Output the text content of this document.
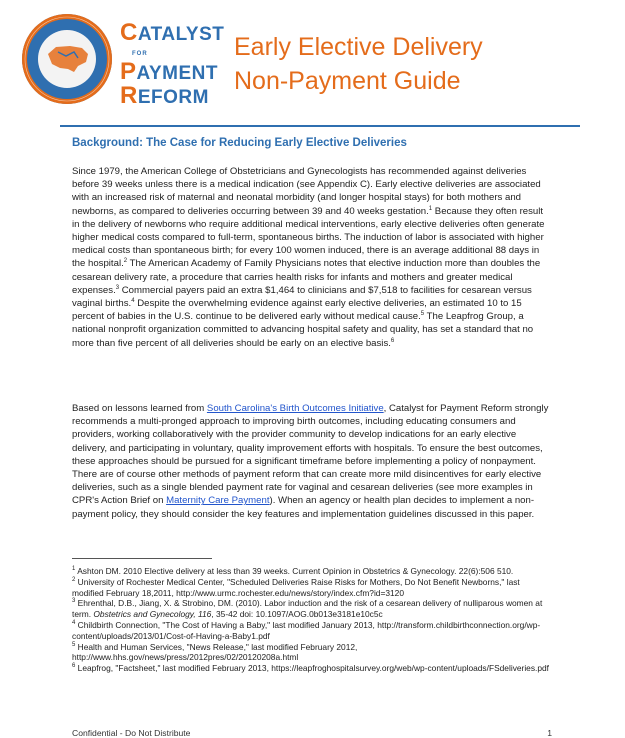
CATALYST
FOR
PAYMENT
REFORM
Early Elective Delivery
Non-Payment Guide
Background: The Case for Reducing Early Elective Deliveries
Since 1979, the American College of Obstetricians and Gynecologists has recommended against deliveries before 39 weeks unless there is a medical indication (see Appendix C). Early elective deliveries are associated with an increased risk of maternal and neonatal morbidity (and longer hospital stays) for both mothers and newborns, as compared to deliveries occurring between 39 and 40 weeks gestation.$^1$ Because they often result in the delivery of newborns who require additional medical interventions, early elective deliveries often generate higher medical costs compared to full-term, spontaneous births. The induction of labor is associated with higher medical costs than spontaneous birth; for every 100 women induced, there is an average additional 88 days in the hospital.$^2$ The American Academy of Family Physicians notes that elective induction more than doubles the cesarean delivery rate, a procedure that carries health risks for infants and mothers and greater medical expenses.$^3$ Commercial payers paid an extra $1,464 to clinicians and $7,518 to facilities for cesarean versus vaginal births.$^4$ Despite the overwhelming evidence against early elective deliveries, an estimated 10 to 15 percent of babies in the U.S. continue to be delivered early without medical cause.$^5$ The Leapfrog Group, a national nonprofit organization committed to advancing hospital safety and quality, has set a standard that no more than five percent of all deliveries should be early on an elective basis.$^6$
Based on lessons learned from South Carolina's Birth Outcomes Initiative, Catalyst for Payment Reform strongly recommends a multi-pronged approach to improving birth outcomes, including educating consumers and providers, working collaboratively with the provider community to develop indications for an early elective delivery, and participating in voluntary, quality improvement efforts with hospitals. To ensure the best outcomes, these approaches should be pursued for a significant timeframe before implementing a policy of nonpayment. There are of course other methods of payment reform that can create more mild disincentives for early elective deliveries, such as a single blended payment rate for vaginal and cesarean deliveries (see more examples in CPR's Action Brief on Maternity Care Payment). When an agency or health plan decides to implement a non-payment policy, they should consider the key features and implementation guidelines discussed in this paper.

$^1$ Ashton DM. 2010 Elective delivery at less than 39 weeks. Current Opinion in Obstetrics & Gynecology. 22(6):506 510.

$^2$ University of Rochester Medical Center, "Scheduled Deliveries Raise Risks for Mothers, Do Not Benefit Newborns," last modified February 18,2011, http://www.urmc.rochester.edu/news/story/index.cfm?id=3120

$^3$ Ehrenthal, D.B., Jiang, X. & Strobino, DM. (2010). Labor induction and the risk of a cesarean delivery of nulliparous women at term. Obstetrics and Gynecology, 116, 35-42 doi: 10.1097/AOG.0b013e3181e10c5c

$^4$ Childbirth Connection, "The Cost of Having a Baby," last modified January 2013, http://transform.childbirthconnection.org/wp-content/uploads/2013/01/Cost-of-Having-a-Baby1.pdf

$^5$ Health and Human Services, "News Release," last modified February 2012, http://www.hhs.gov/news/press/2012pres/02/20120208a.html

$^6$ Leapfrog, "Factsheet," last modified February 2013, https://leapfroghospitalsurvey.org/web/wp-content/uploads/FSdeliveries.pdf

Confidential - Do Not Distribute	1
